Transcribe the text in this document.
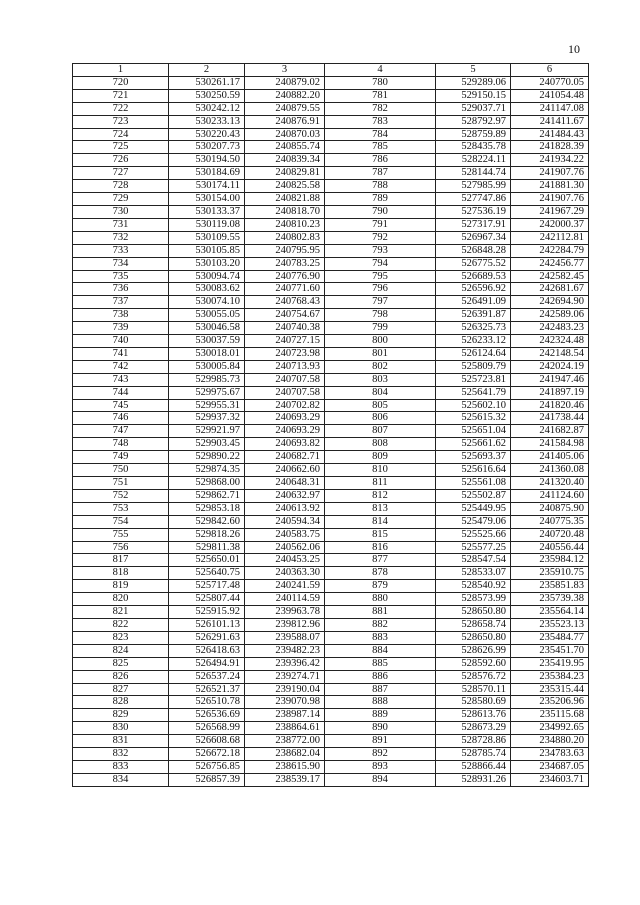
10
1	2	3	4	5	6
720	530261.17	240879.02	780	529289.06	240770.05
721	530250.59	240882.20	781	529150.15	241054.48
722	530242.12	240879.55	782	529037.71	241147.08
723	530233.13	240876.91	783	528792.97	241411.67
724	530220.43	240870.03	784	528759.89	241484.43
725	530207.73	240855.74	785	528435.78	241828.39
726	530194.50	240839.34	786	528224.11	241934.22
727	530184.69	240829.81	787	528144.74	241907.76
728	530174.11	240825.58	788	527985.99	241881.30
729	530154.00	240821.88	789	527747.86	241907.76
730	530133.37	240818.70	790	527536.19	241967.29
731	530119.08	240810.23	791	527317.91	242000.37
732	530109.55	240802.83	792	526967.34	242112.81
733	530105.85	240795.95	793	526848.28	242284.79
734	530103.20	240783.25	794	526775.52	242456.77
735	530094.74	240776.90	795	526689.53	242582.45
736	530083.62	240771.60	796	526596.92	242681.67
737	530074.10	240768.43	797	526491.09	242694.90
738	530055.05	240754.67	798	526391.87	242589.06
739	530046.58	240740.38	799	526325.73	242483.23
740	530037.59	240727.15	800	526233.12	242324.48
741	530018.01	240723.98	801	526124.64	242148.54
742	530005.84	240713.93	802	525809.79	242024.19
743	529985.73	240707.58	803	525723.81	241947.46
744	529975.67	240707.58	804	525641.79	241897.19
745	529955.31	240702.82	805	525602.10	241820.46
746	529937.32	240693.29	806	525615.32	241738.44
747	529921.97	240693.29	807	525651.04	241682.87
748	529903.45	240693.82	808	525661.62	241584.98
749	529890.22	240682.71	809	525693.37	241405.06
750	529874.35	240662.60	810	525616.64	241360.08
751	529868.00	240648.31	811	525561.08	241320.40
752	529862.71	240632.97	812	525502.87	241124.60
753	529853.18	240613.92	813	525449.95	240875.90
754	529842.60	240594.34	814	525479.06	240775.35
755	529818.26	240583.75	815	525525.66	240720.48
756	529811.38	240562.06	816	525577.25	240556.44
817	525650.01	240453.25	877	528547.54	235984.12
818	525640.75	240363.30	878	528533.07	235910.75
819	525717.48	240241.59	879	528540.92	235851.83
820	525807.44	240114.59	880	528573.99	235739.38
821	525915.92	239963.78	881	528650.80	235564.14
822	526101.13	239812.96	882	528658.74	235523.13
823	526291.63	239588.07	883	528650.80	235484.77
824	526418.63	239482.23	884	528626.99	235451.70
825	526494.91	239396.42	885	528592.60	235419.95
826	526537.24	239274.71	886	528576.72	235384.23
827	526521.37	239190.04	887	528570.11	235315.44
828	526510.78	239070.98	888	528580.69	235206.96
829	526536.69	238987.14	889	528613.76	235115.68
830	526568.99	238864.61	890	528673.29	234992.65
831	526608.68	238772.00	891	528728.86	234880.20
832	526672.18	238682.04	892	528785.74	234783.63
833	526756.85	238615.90	893	528866.44	234687.05
834	526857.39	238539.17	894	528931.26	234603.71
